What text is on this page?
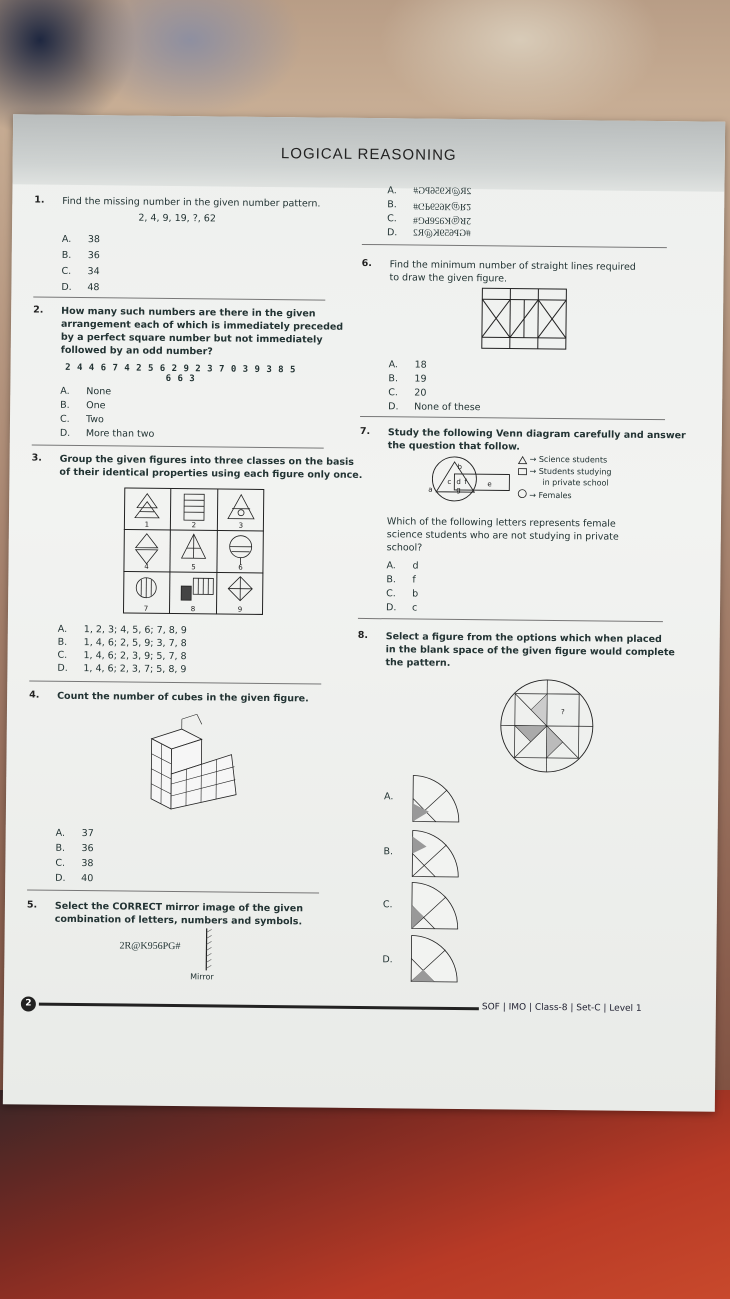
LOGICAL REASONING
1. Find the missing number in the given number pattern.
2, 4, 9, 19, ?, 62
A. 38
B. 36
C. 34
D. 48
2. How many such numbers are there in the given
arrangement each of which is immediately preceded
by a perfect square number but not immediately
followed by an odd number?
2 4 4 6 7 4 2 5 6 2 9 2 3 7 0 3 9 3 8 5 6 6 3
A. None
B. One
C. Two
D. More than two
3. Group the given figures into three classes on the basis
of their identical properties using each figure only once.
1	2	3
4	5	6
7	8	9
A. 1, 2, 3; 4, 5, 6; 7, 8, 9
B. 1, 4, 6; 2, 5, 9; 3, 7, 8
C. 1, 4, 6; 2, 3, 9; 5, 7, 8
D. 1, 4, 6; 2, 3, 7; 5, 8, 9
4. Count the number of cubes in the given figure.
A. 37
B. 36
C. 38
D. 40
5. Select the CORRECT mirror image of the given
combination of letters, numbers and symbols.
2R@K956PG#
Mirror
A. 2R@K956PG#
B. #GP659K@R2
C. 2R@K956PG#
D. #GP659K@R2
6. Find the minimum number of straight lines required
to draw the given figure.
A. 18
B. 19
C. 20
D. None of these
7. Study the following Venn diagram carefully and answer
the question that follow.
b
c d f
a	g
e
→ Science students
→ Students studying
in private school
→ Females
Which of the following letters represents female
science students who are not studying in private
school?
A. d
B. f
C. b
D. c
8. Select a figure from the options which when placed
in the blank space of the given figure would complete
the pattern.
?
A.
B.
C.
D.
2	SOF | IMO | Class-8 | Set-C | Level 1
